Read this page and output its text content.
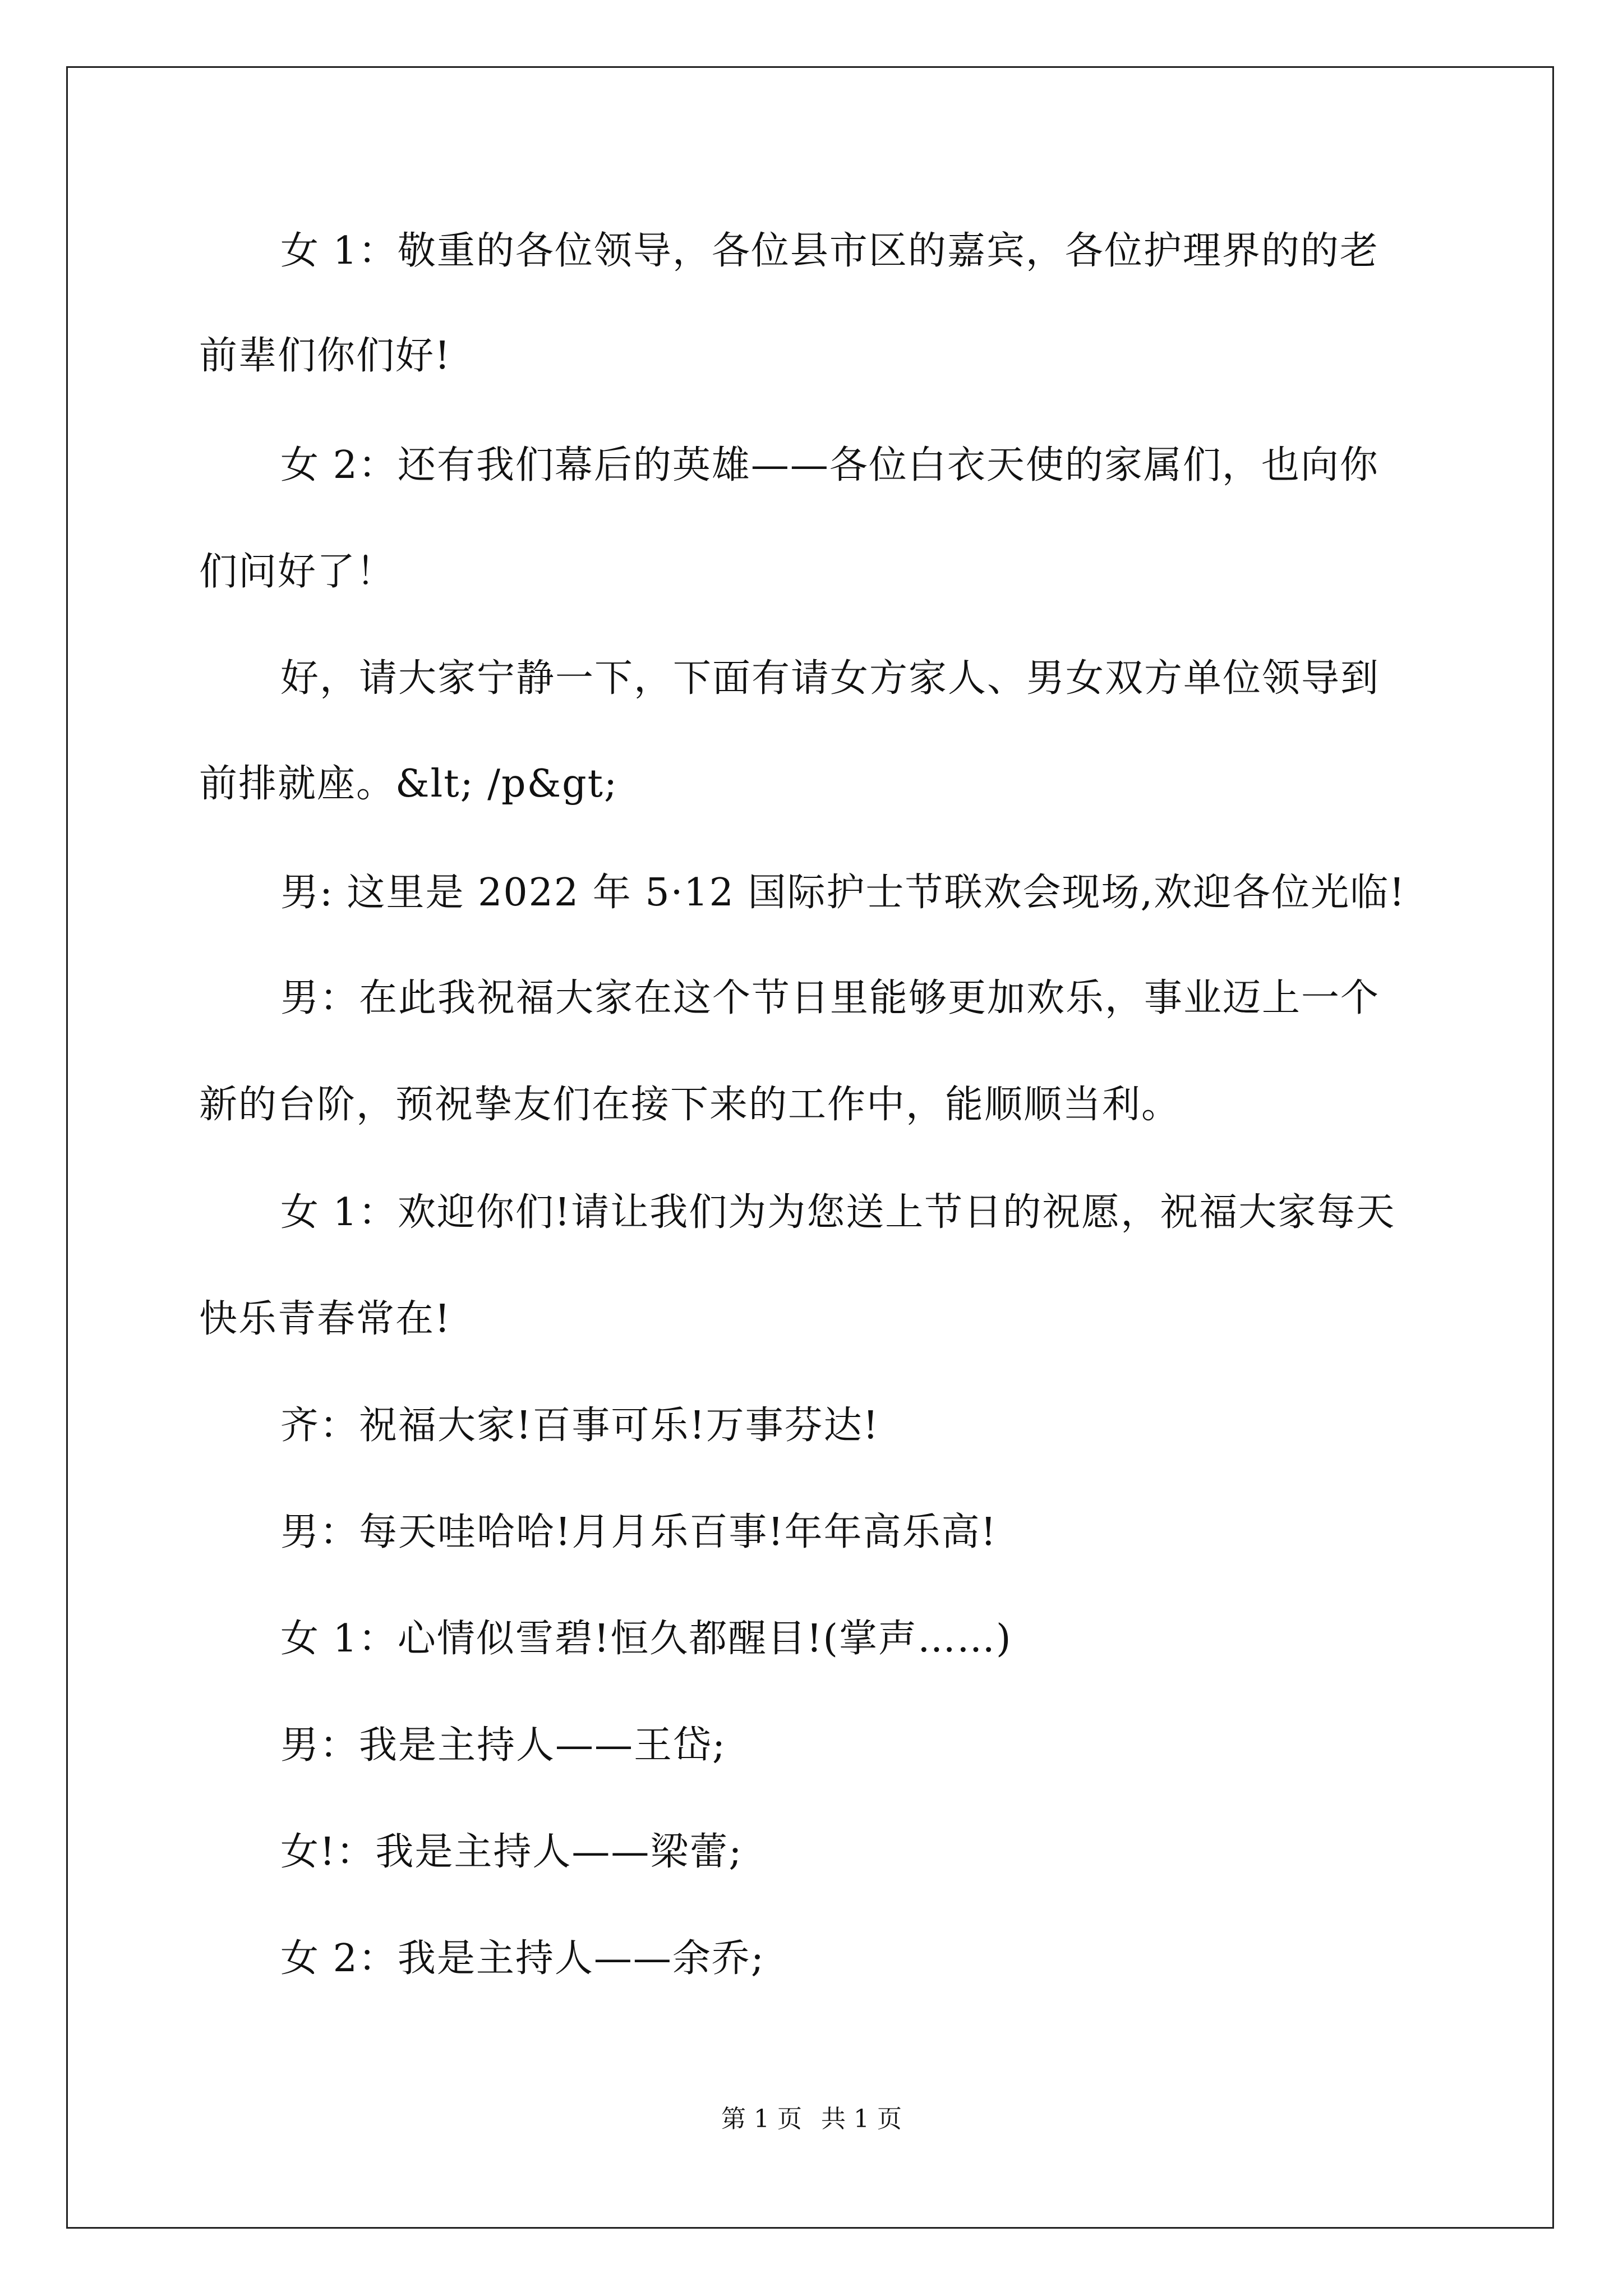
女 1：敬重的各位领导，各位县市区的嘉宾，各位护理界的的老
前辈们你们好!
女 2：还有我们幕后的英雄——各位白衣天使的家属们，也向你
们问好了！
好，请大家宁静一下，下面有请女方家人、男女双方单位领导到
前排就座。&lt; /p&gt;
男: 这里是 2022 年 5·12 国际护士节联欢会现场,欢迎各位光临!
男：在此我祝福大家在这个节日里能够更加欢乐，事业迈上一个
新的台阶，预祝挚友们在接下来的工作中，能顺顺当利。
女 1：欢迎你们!请让我们为为您送上节日的祝愿，祝福大家每天
快乐青春常在!
齐：祝福大家!百事可乐!万事芬达!
男：每天哇哈哈!月月乐百事!年年高乐高!
女 1：心情似雪碧!恒久都醒目!(掌声……)
男：我是主持人——王岱;
女!：我是主持人——梁蕾;
女 2：我是主持人——余乔;
第 1 页 共 1 页
